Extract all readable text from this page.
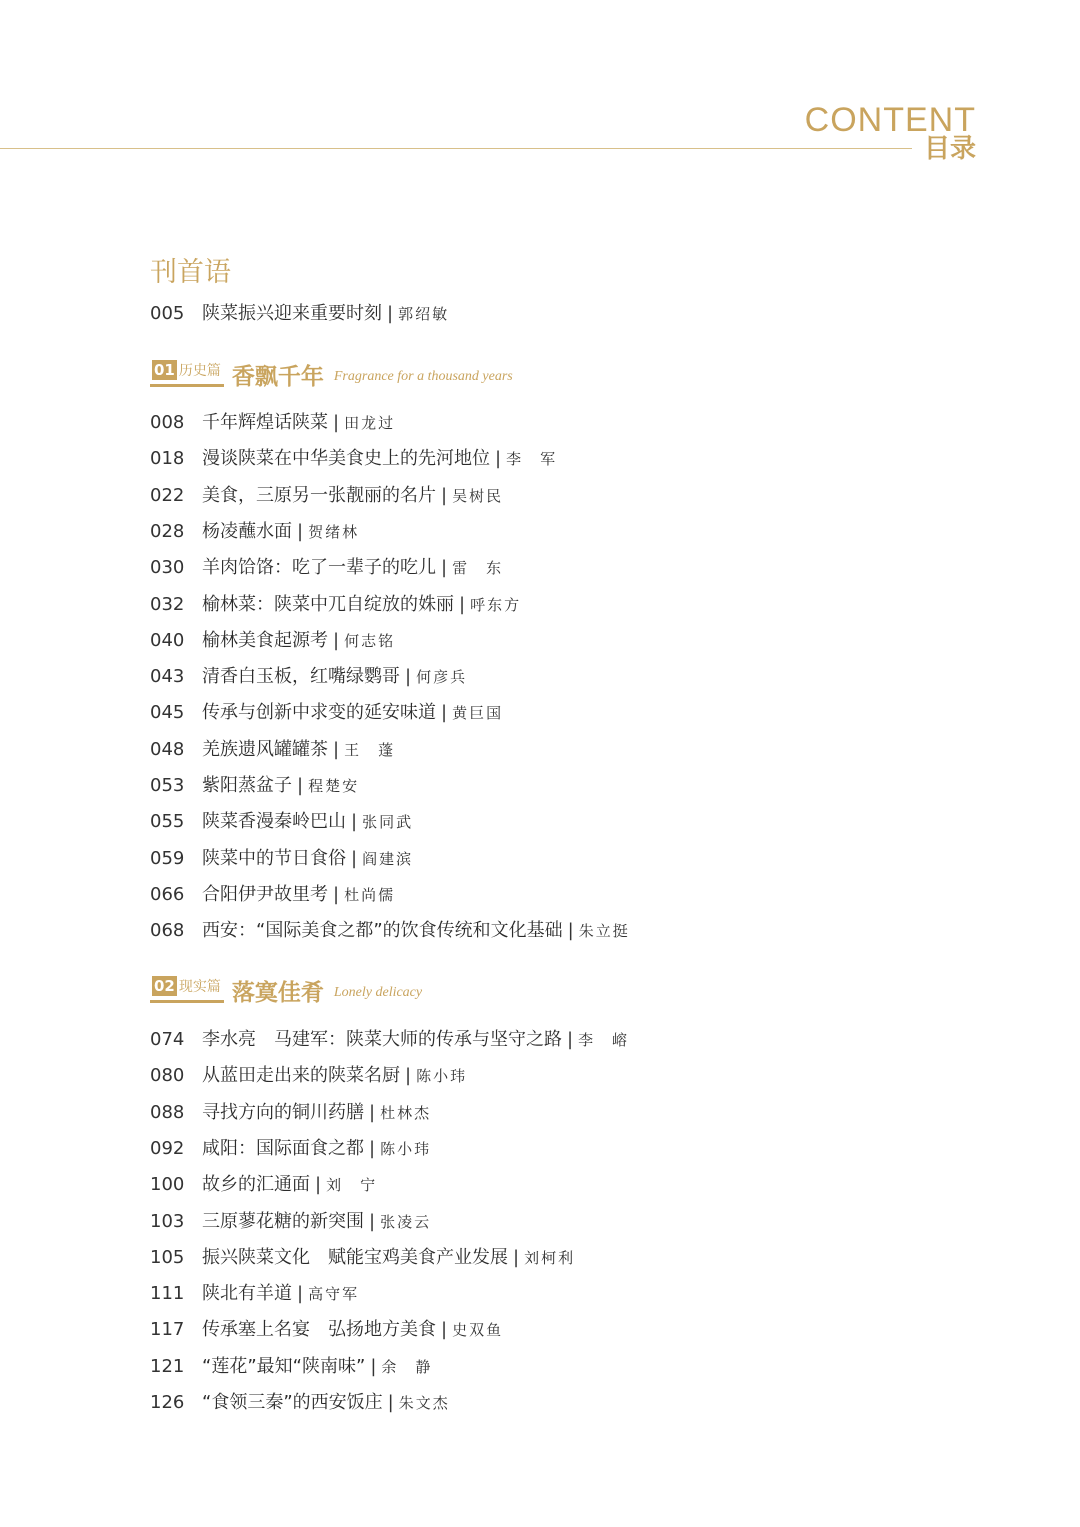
CONTENT
目录
刊首语
005 陕菜振兴迎来重要时刻 | 郭绍敏
01 历史篇 香飘千年 Fragrance for a thousand years
008 千年辉煌话陕菜 | 田龙过
018 漫谈陕菜在中华美食史上的先河地位 | 李　军
022 美食，三原另一张靓丽的名片 | 吴树民
028 杨凌蘸水面 | 贺绪林
030 羊肉饸饹：吃了一辈子的吃儿 | 雷　东
032 榆林菜：陕菜中兀自绽放的姝丽 | 呼东方
040 榆林美食起源考 | 何志铭
043 清香白玉板，红嘴绿鹦哥 | 何彦兵
045 传承与创新中求变的延安味道 | 黄巨国
048 羌族遗风罐罐茶 | 王　蓬
053 紫阳蒸盆子 | 程楚安
055 陕菜香漫秦岭巴山 | 张同武
059 陕菜中的节日食俗 | 阎建滨
066 合阳伊尹故里考 | 杜尚儒
068 西安：“国际美食之都”的饮食传统和文化基础 | 朱立挺
02 现实篇 落寞佳肴 Lonely delicacy
074 李水亮　马建军：陕菜大师的传承与坚守之路 | 李　嵱
080 从蓝田走出来的陕菜名厨 | 陈小玮
088 寻找方向的铜川药膳 | 杜林杰
092 咸阳：国际面食之都 | 陈小玮
100 故乡的汇通面 | 刘　宁
103 三原蓼花糖的新突围 | 张凌云
105 振兴陕菜文化　赋能宝鸡美食产业发展 | 刘柯利
111 陕北有羊道 | 高守军
117 传承塞上名宴　弘扬地方美食 | 史双鱼
121 “莲花”最知“陕南味” | 余　静
126 “食领三秦”的西安饭庄 | 朱文杰
